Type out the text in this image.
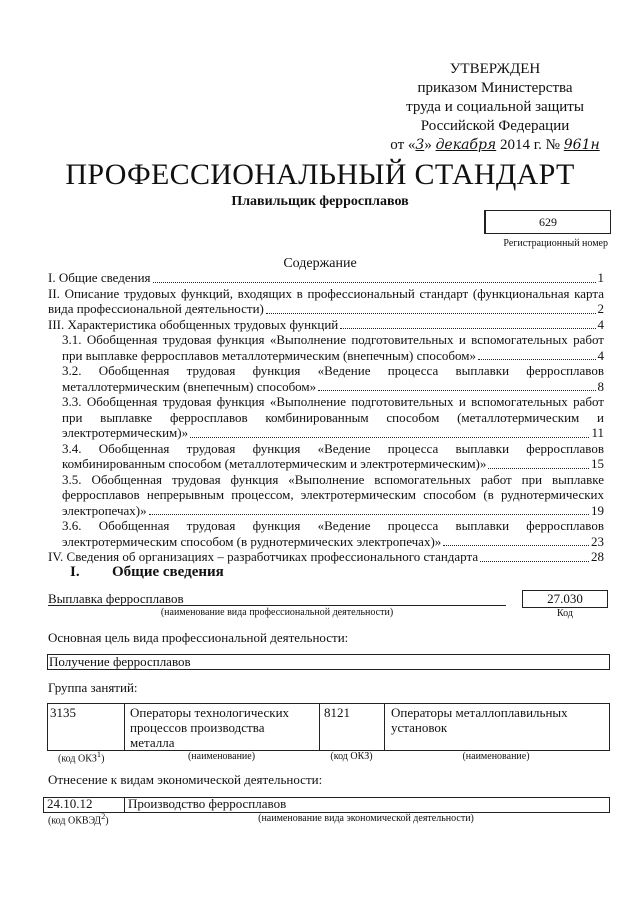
УТВЕРЖДЕН
приказом Министерства
труда и социальной защиты
Российской Федерации
от «3» декабря 2014 г. № 961н
ПРОФЕССИОНАЛЬНЫЙ СТАНДАРТ
Плавильщик ферросплавов
629
Регистрационный номер
Содержание
I. Общие сведения	1
II. Описание трудовых функций, входящих в профессиональный стандарт (функциональная карта
вида профессиональной деятельности)	2
III. Характеристика обобщенных трудовых функций	4
3.1. Обобщенная трудовая функция «Выполнение подготовительных и вспомогательных работ
при выплавке ферросплавов металлотермическим (внепечным) способом»	4
3.2. Обобщенная трудовая функция «Ведение процесса выплавки ферросплавов
металлотермическим (внепечным) способом»	8
3.3. Обобщенная трудовая функция «Выполнение подготовительных и вспомогательных работ
при выплавке ферросплавов комбинированным способом (металлотермическим и
электротермическим)»	11
3.4. Обобщенная трудовая функция «Ведение процесса выплавки ферросплавов
комбинированным способом (металлотермическим и электротермическим)»	15
3.5. Обобщенная трудовая функция «Выполнение вспомогательных работ при выплавке
ферросплавов непрерывным процессом, электротермическим способом (в руднотермических
электропечах)»	19
3.6. Обобщенная трудовая функция «Ведение процесса выплавки ферросплавов
электротермическим способом (в руднотермических электропечах)»	23
IV. Сведения об организациях – разработчиках профессионального стандарта	28
I. Общие сведения
Выплавка ферросплавов
(наименование вида профессиональной деятельности)
27.030
Код
Основная цель вида профессиональной деятельности:
Получение ферросплавов
Группа занятий:
3135	Операторы технологических
процессов производства
металла
8121	Операторы металлоплавильных
установок
(код ОКЗ$^1$)	(наименование)	(код ОКЗ)	(наименование)
Отнесение к видам экономической деятельности:
24.10.12	Производство ферросплавов
(код ОКВЭД$^2$)	(наименование вида экономической деятельности)
